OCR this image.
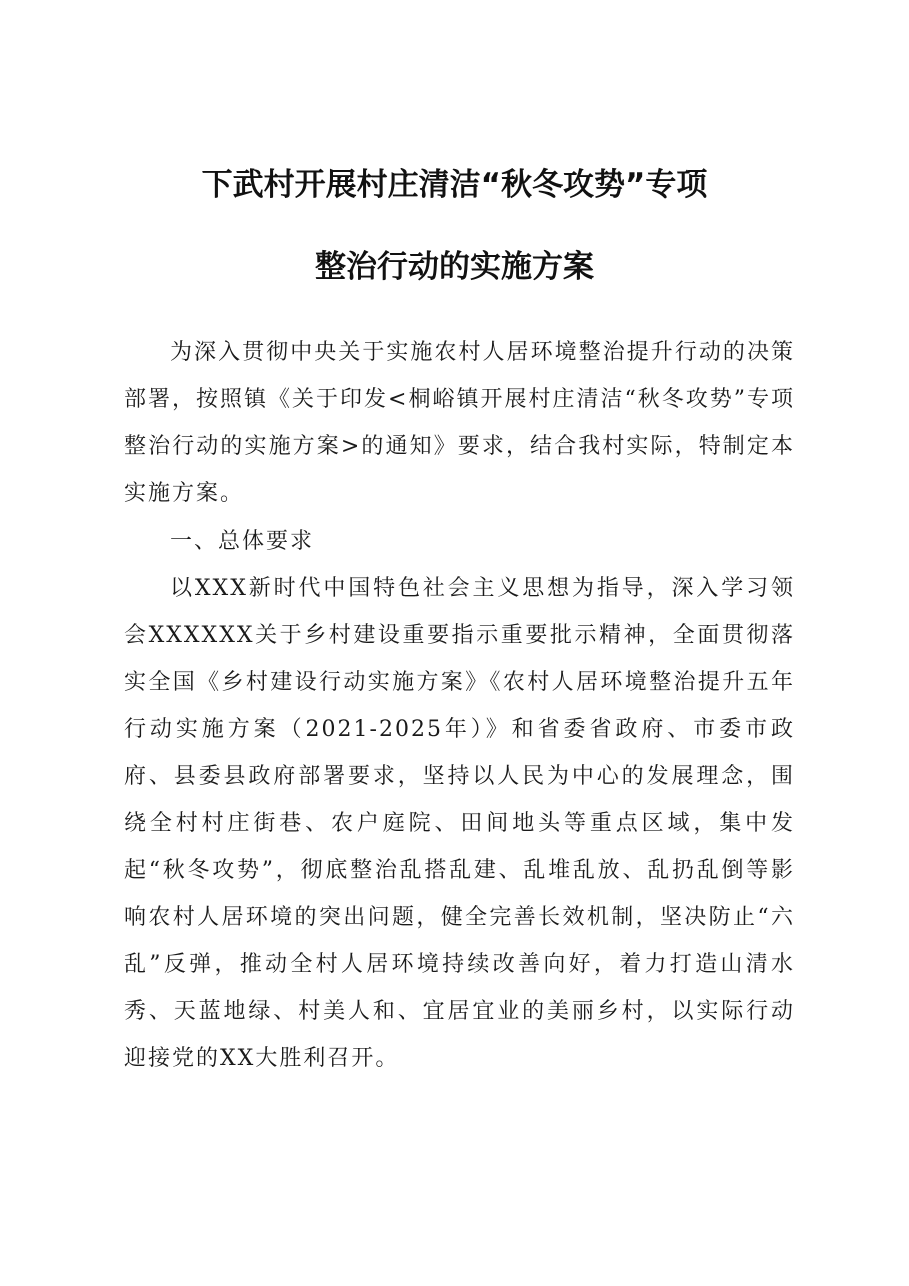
下武村开展村庄清洁“秋冬攻势”专项
整治行动的实施方案
为深入贯彻中央关于实施农村人居环境整治提升行动的决策部署，按照镇《关于印发<桐峪镇开展村庄清洁“秋冬攻势”专项整治行动的实施方案>的通知》要求，结合我村实际，特制定本实施方案。
一、总体要求
以XXX新时代中国特色社会主义思想为指导，深入学习领会XXXXXX关于乡村建设重要指示重要批示精神，全面贯彻落实全国《乡村建设行动实施方案》《农村人居环境整治提升五年行动实施方案（2021-2025年）》和省委省政府、市委市政府、县委县政府部署要求，坚持以人民为中心的发展理念，围绕全村村庄街巷、农户庭院、田间地头等重点区域，集中发起“秋冬攻势”，彻底整治乱搭乱建、乱堆乱放、乱扔乱倒等影响农村人居环境的突出问题，健全完善长效机制，坚决防止“六乱”反弹，推动全村人居环境持续改善向好，着力打造山清水秀、天蓝地绿、村美人和、宜居宜业的美丽乡村，以实际行动迎接党的XX大胜利召开。
